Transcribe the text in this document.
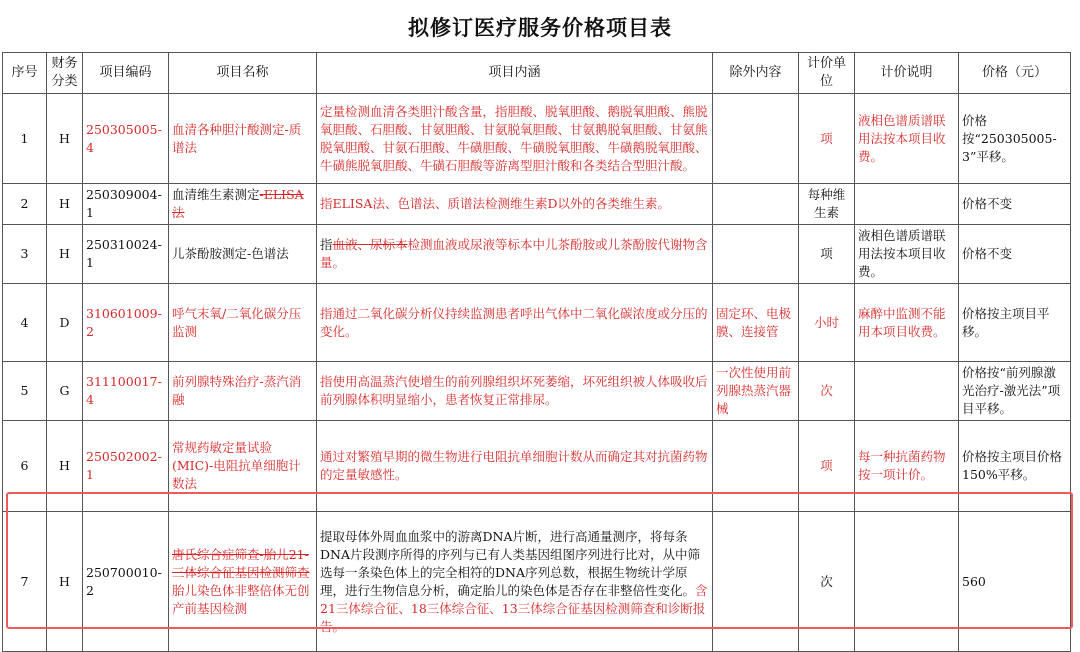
拟修订医疗服务价格项目表
序号	财务分类	项目编码	项目名称	项目内涵	除外内容	计价单位	计价说明	价格（元）
1	H	250305005-4	血清各种胆汁酸测定-质谱法	定量检测血清各类胆汁酸含量，指胆酸、脱氧胆酸、鹅脱氧胆酸、熊脱氧胆酸、石胆酸、甘氨胆酸、甘氨脱氧胆酸、甘氨鹅脱氧胆酸、甘氨熊脱氧胆酸、甘氨石胆酸、牛磺胆酸、牛磺脱氧胆酸、牛磺鹅脱氧胆酸、牛磺熊脱氧胆酸、牛磺石胆酸等游离型胆汁酸和各类结合型胆汁酸。		项	液相色谱质谱联用法按本项目收费。	价格按“250305005-3”平移。
2	H	250309004-1	血清维生素测定-ELISA法	指ELISA法、色谱法、质谱法检测维生素D以外的各类维生素。		每种维生素		价格不变
3	H	250310024-1	儿茶酚胺测定-色谱法	指血液、尿标本检测血液或尿液等标本中儿茶酚胺或儿茶酚胺代谢物含量。		项	液相色谱质谱联用法按本项目收费。	价格不变
4	D	310601009-2	呼气末氧/二氧化碳分压监测	指通过二氧化碳分析仪持续监测患者呼出气体中二氧化碳浓度或分压的变化。	固定环、电极膜、连接管	小时	麻醉中监测不能用本项目收费。	价格按主项目平移。
5	G	311100017-4	前列腺特殊治疗-蒸汽消融	指使用高温蒸汽使增生的前列腺组织坏死萎缩，坏死组织被人体吸收后前列腺体积明显缩小，患者恢复正常排尿。	一次性使用前列腺热蒸汽器械	次		价格按“前列腺激光治疗-激光法”项目平移。
6	H	250502002-1	常规药敏定量试验(MIC)-电阻抗单细胞计数法	通过对繁殖早期的微生物进行电阻抗单细胞计数从而确定其对抗菌药物的定量敏感性。		项	每一种抗菌药物按一项计价。	价格按主项目价格150%平移。
7	H	250700010-2	唐氏综合症筛查-胎儿21-三体综合征基因检测筛查胎儿染色体非整倍体无创产前基因检测	提取母体外周血血浆中的游离DNA片断，进行高通量测序，将每条DNA片段测序所得的序列与已有人类基因组图序列进行比对，从中筛选每一条染色体上的完全相符的DNA序列总数，根据生物统计学原理，进行生物信息分析，确定胎儿的染色体是否存在非整倍性变化。含21三体综合征、18三体综合征、13三体综合征基因检测筛查和诊断报告。		次		560
